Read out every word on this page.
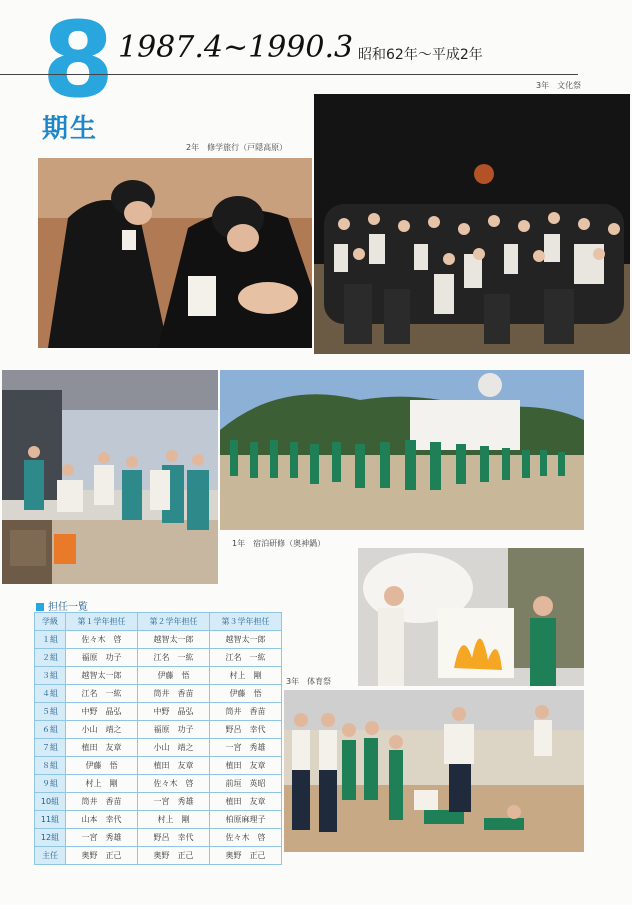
8
期生
1987.4~1990.3 昭和62年～平成2年
3年　文化祭
2年　修学旅行（戸隠高原）
1年　宿泊研修（奥神鍋）
3年　体育祭
担任一覧
学級	第１学年担任	第２学年担任	第３学年担任
１組	佐々木　啓	越智太一郎	越智太一郎
２組	福原　功子	江名　一紘	江名　一紘
３組	越智太一郎	伊藤　悟	村上　剛
４組	江名　一紘	筒井　香苗	伊藤　悟
５組	中野　晶弘	中野　晶弘	筒井　香苗
６組	小山　靖之	福原　功子	野呂　幸代
７組	植田　友章	小山　靖之	一宮　秀雄
８組	伊藤　悟	植田　友章	植田　友章
９組	村上　剛	佐々木　啓	前垣　英昭
10組	筒井　香苗	一宮　秀雄	植田　友章
11組	山本　幸代	村上　剛	柏原麻理子
12組	一宮　秀雄	野呂　幸代	佐々木　啓
主任	奥野　正己	奥野　正己	奥野　正己
